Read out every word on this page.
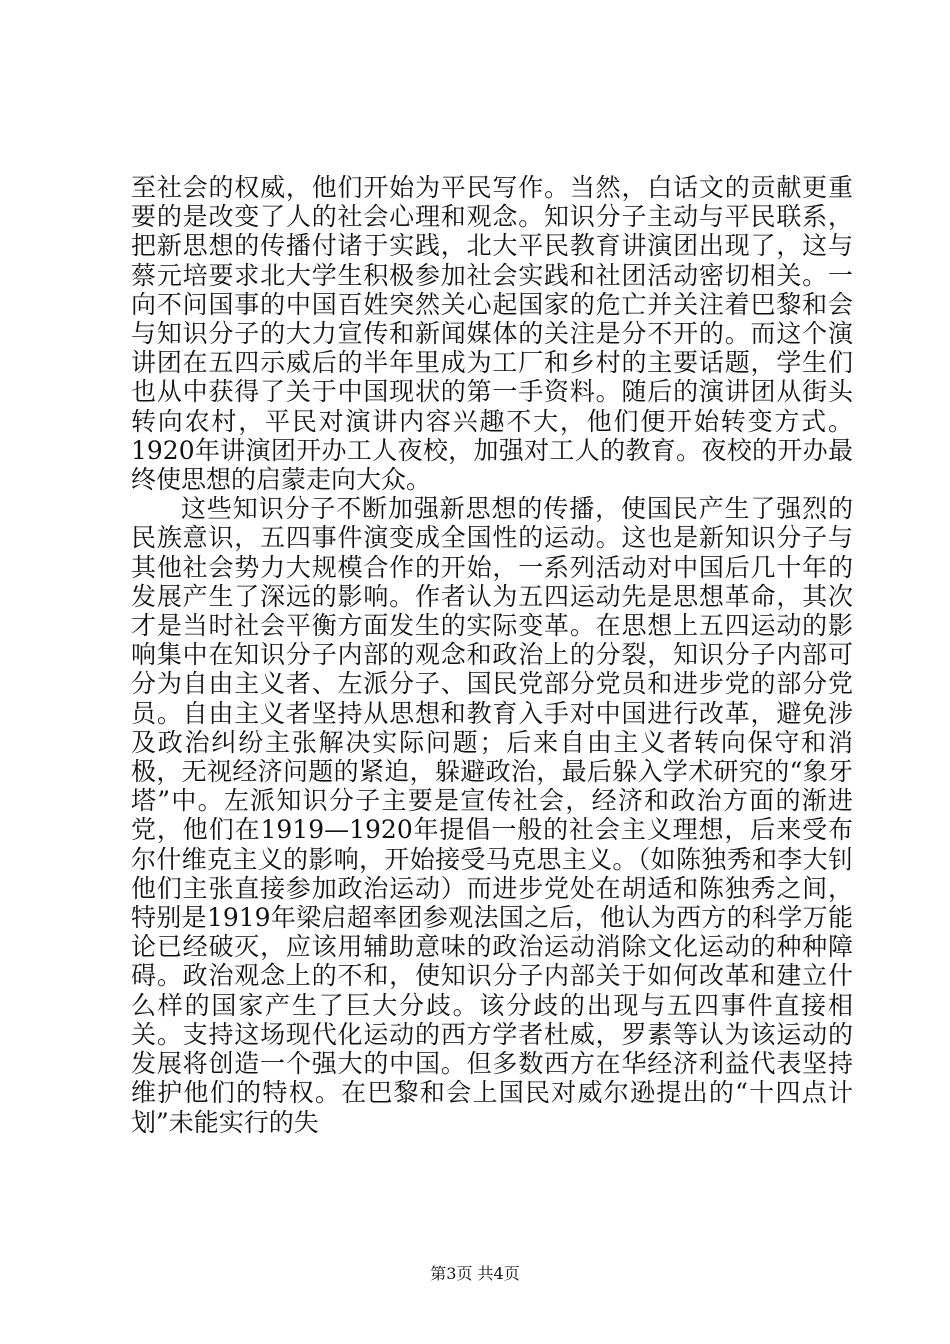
至社会的权威，他们开始为平民写作。当然，白话文的贡献更重要的是改变了人的社会心理和观念。知识分子主动与平民联系，把新思想的传播付诸于实践，北大平民教育讲演团出现了，这与蔡元培要求北大学生积极参加社会实践和社团活动密切相关。一向不问国事的中国百姓突然关心起国家的危亡并关注着巴黎和会与知识分子的大力宣传和新闻媒体的关注是分不开的。而这个演讲团在五四示威后的半年里成为工厂和乡村的主要话题，学生们也从中获得了关于中国现状的第一手资料。随后的演讲团从街头转向农村，平民对演讲内容兴趣不大，他们便开始转变方式。1920年讲演团开办工人夜校，加强对工人的教育。夜校的开办最终使思想的启蒙走向大众。

这些知识分子不断加强新思想的传播，使国民产生了强烈的民族意识，五四事件演变成全国性的运动。这也是新知识分子与其他社会势力大规模合作的开始，一系列活动对中国后几十年的发展产生了深远的影响。作者认为五四运动先是思想革命，其次才是当时社会平衡方面发生的实际变革。在思想上五四运动的影响集中在知识分子内部的观念和政治上的分裂，知识分子内部可分为自由主义者、左派分子、国民党部分党员和进步党的部分党员。自由主义者坚持从思想和教育入手对中国进行改革，避免涉及政治纠纷主张解决实际问题；后来自由主义者转向保守和消极，无视经济问题的紧迫，躲避政治，最后躲入学术研究的“象牙塔”中。左派知识分子主要是宣传社会，经济和政治方面的渐进党，他们在1919—1920年提倡一般的社会主义理想，后来受布尔什维克主义的影响，开始接受马克思主义。（如陈独秀和李大钊他们主张直接参加政治运动）而进步党处在胡适和陈独秀之间，特别是1919年梁启超率团参观法国之后，他认为西方的科学万能论已经破灭，应该用辅助意味的政治运动消除文化运动的种种障碍。政治观念上的不和，使知识分子内部关于如何改革和建立什么样的国家产生了巨大分歧。该分歧的出现与五四事件直接相关。支持这场现代化运动的西方学者杜威，罗素等认为该运动的发展将创造一个强大的中国。但多数西方在华经济利益代表坚持维护他们的特权。在巴黎和会上国民对威尔逊提出的“十四点计划”未能实行的失

第3页 共4页
